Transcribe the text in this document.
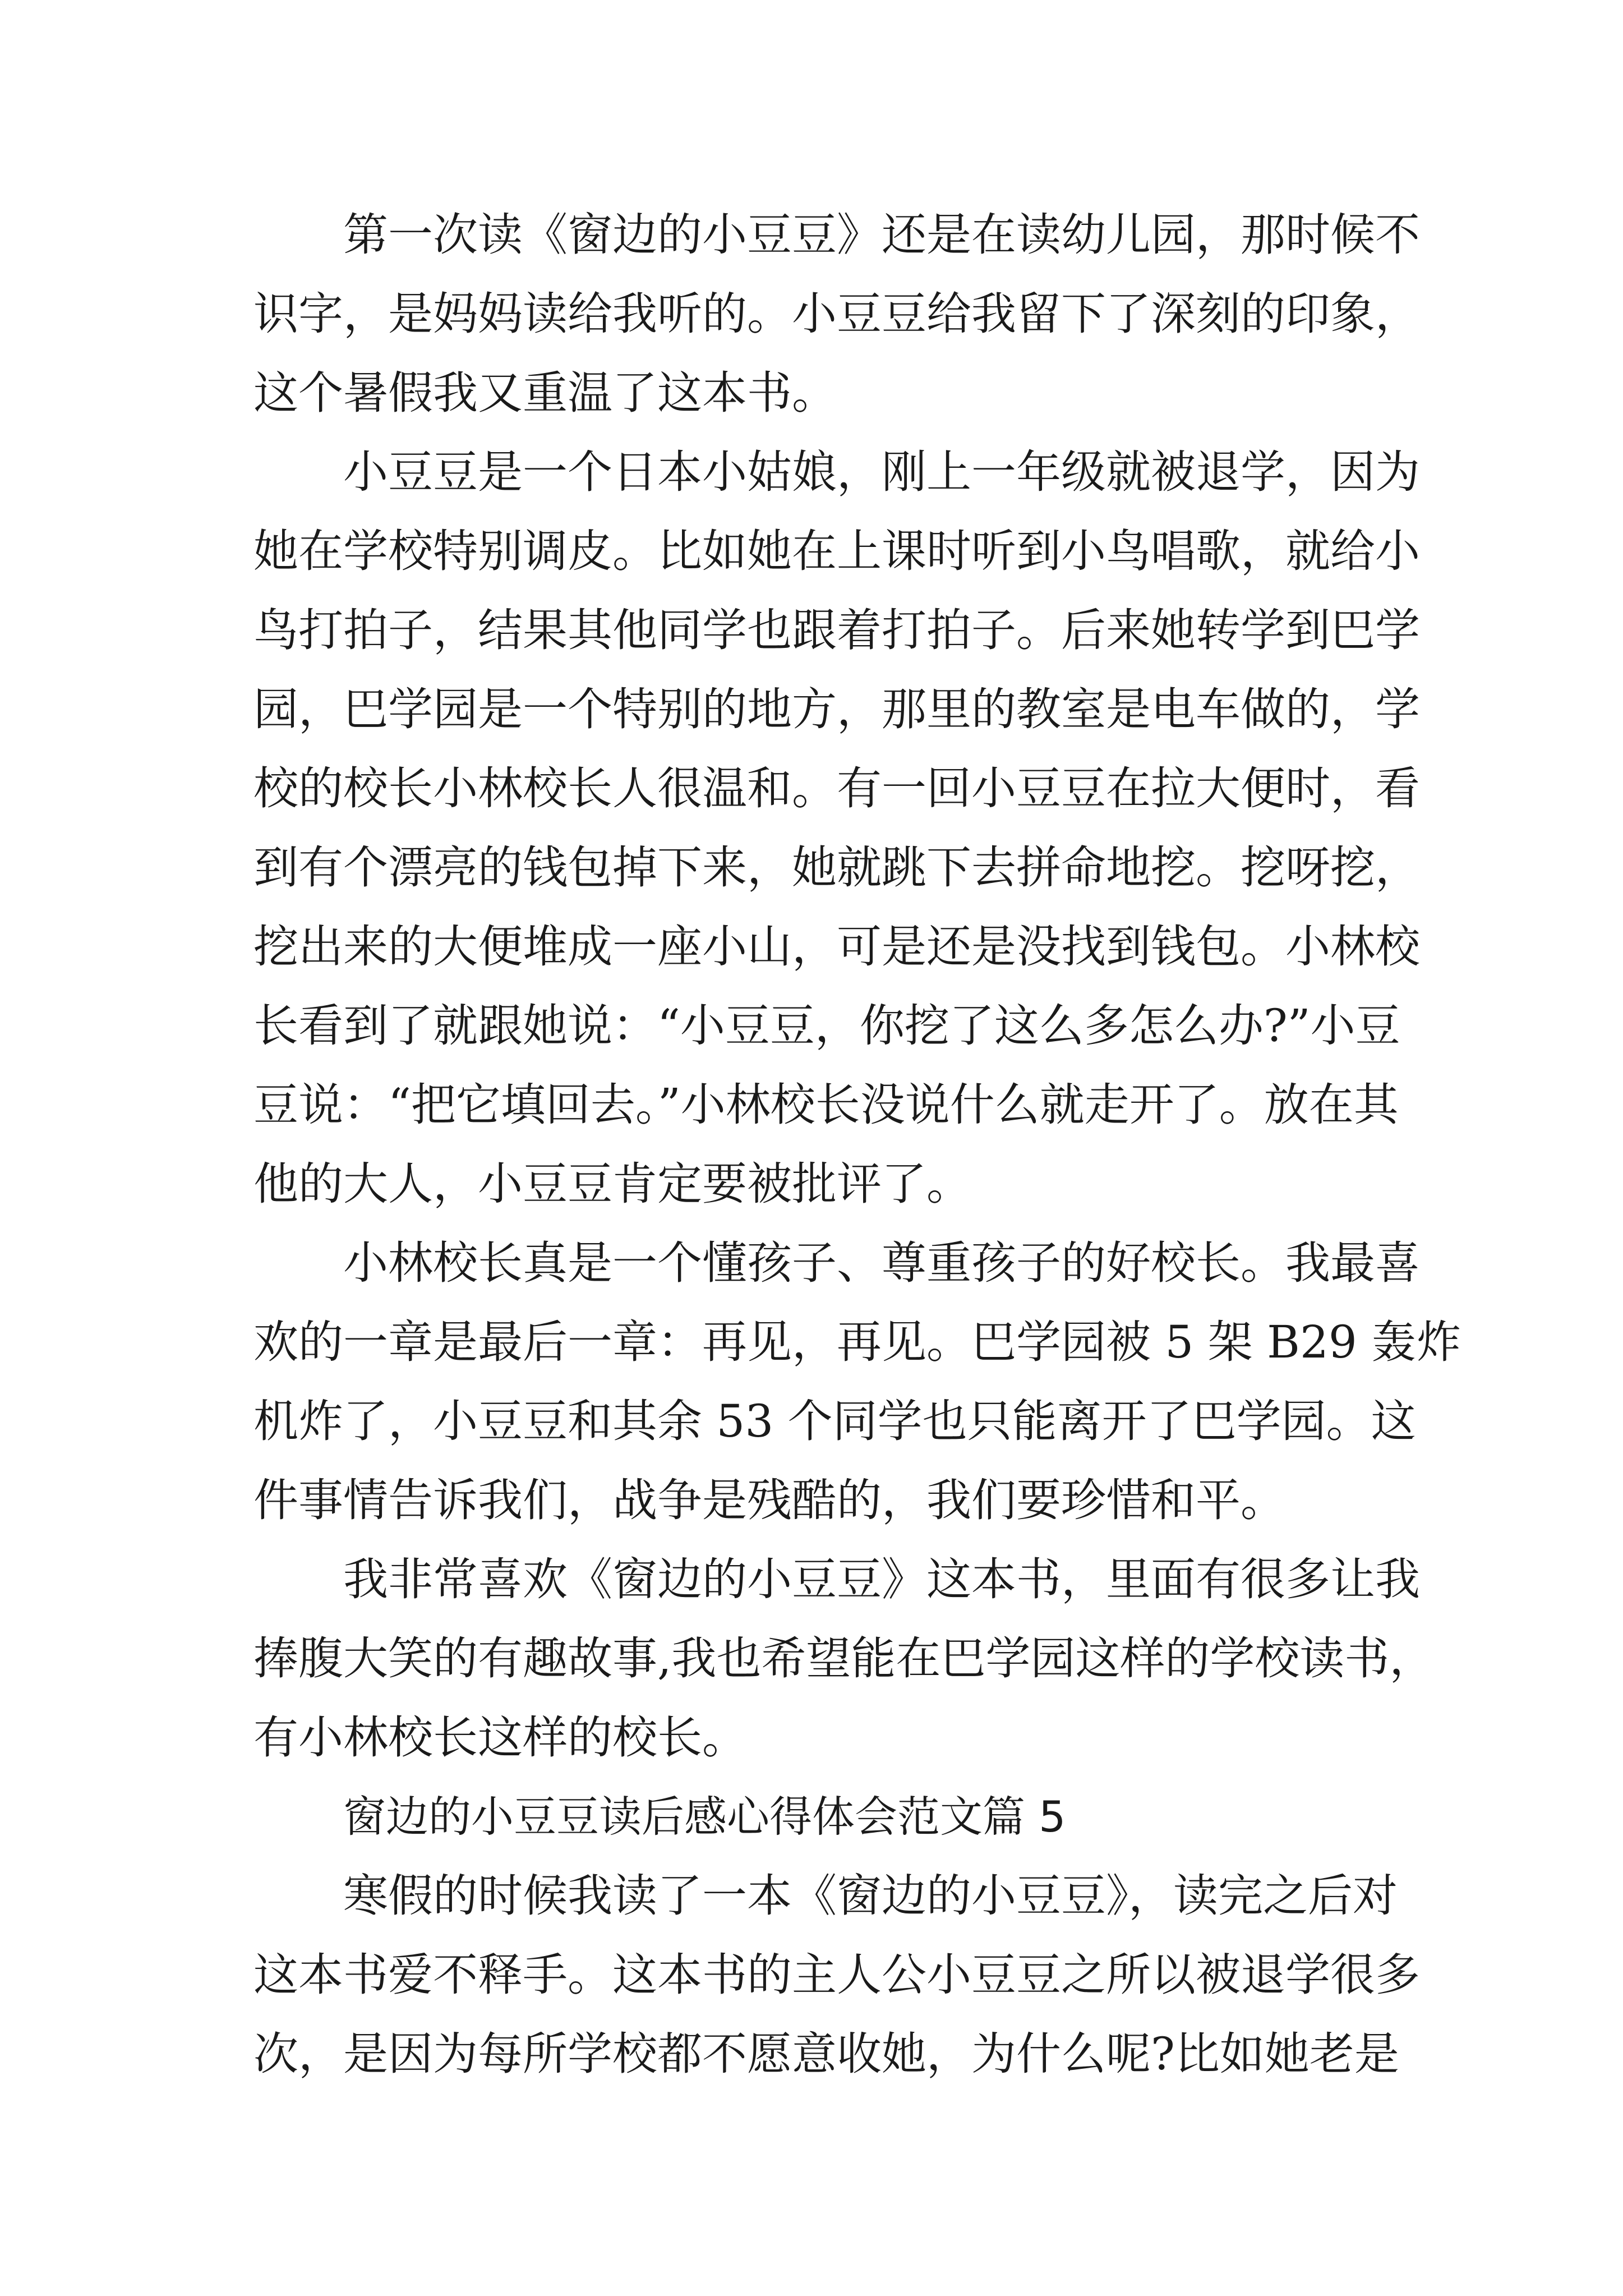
第一次读《窗边的小豆豆》还是在读幼儿园，那时候不
识字，是妈妈读给我听的。小豆豆给我留下了深刻的印象，
这个暑假我又重温了这本书。
小豆豆是一个日本小姑娘，刚上一年级就被退学，因为
她在学校特别调皮。比如她在上课时听到小鸟唱歌，就给小
鸟打拍子，结果其他同学也跟着打拍子。后来她转学到巴学
园，巴学园是一个特别的地方，那里的教室是电车做的，学
校的校长小林校长人很温和。有一回小豆豆在拉大便时，看
到有个漂亮的钱包掉下来，她就跳下去拼命地挖。挖呀挖，
挖出来的大便堆成一座小山，可是还是没找到钱包。小林校
长看到了就跟她说：“小豆豆，你挖了这么多怎么办?”小豆
豆说：“把它填回去。”小林校长没说什么就走开了。放在其
他的大人，小豆豆肯定要被批评了。
小林校长真是一个懂孩子、尊重孩子的好校长。我最喜
欢的一章是最后一章：再见，再见。巴学园被 5 架 B29 轰炸
机炸了，小豆豆和其余 53 个同学也只能离开了巴学园。这
件事情告诉我们，战争是残酷的，我们要珍惜和平。
我非常喜欢《窗边的小豆豆》这本书，里面有很多让我
捧腹大笑的有趣故事,我也希望能在巴学园这样的学校读书，
有小林校长这样的校长。
窗边的小豆豆读后感心得体会范文篇 5
寒假的时候我读了一本《窗边的小豆豆》，读完之后对
这本书爱不释手。这本书的主人公小豆豆之所以被退学很多
次，是因为每所学校都不愿意收她，为什么呢?比如她老是
